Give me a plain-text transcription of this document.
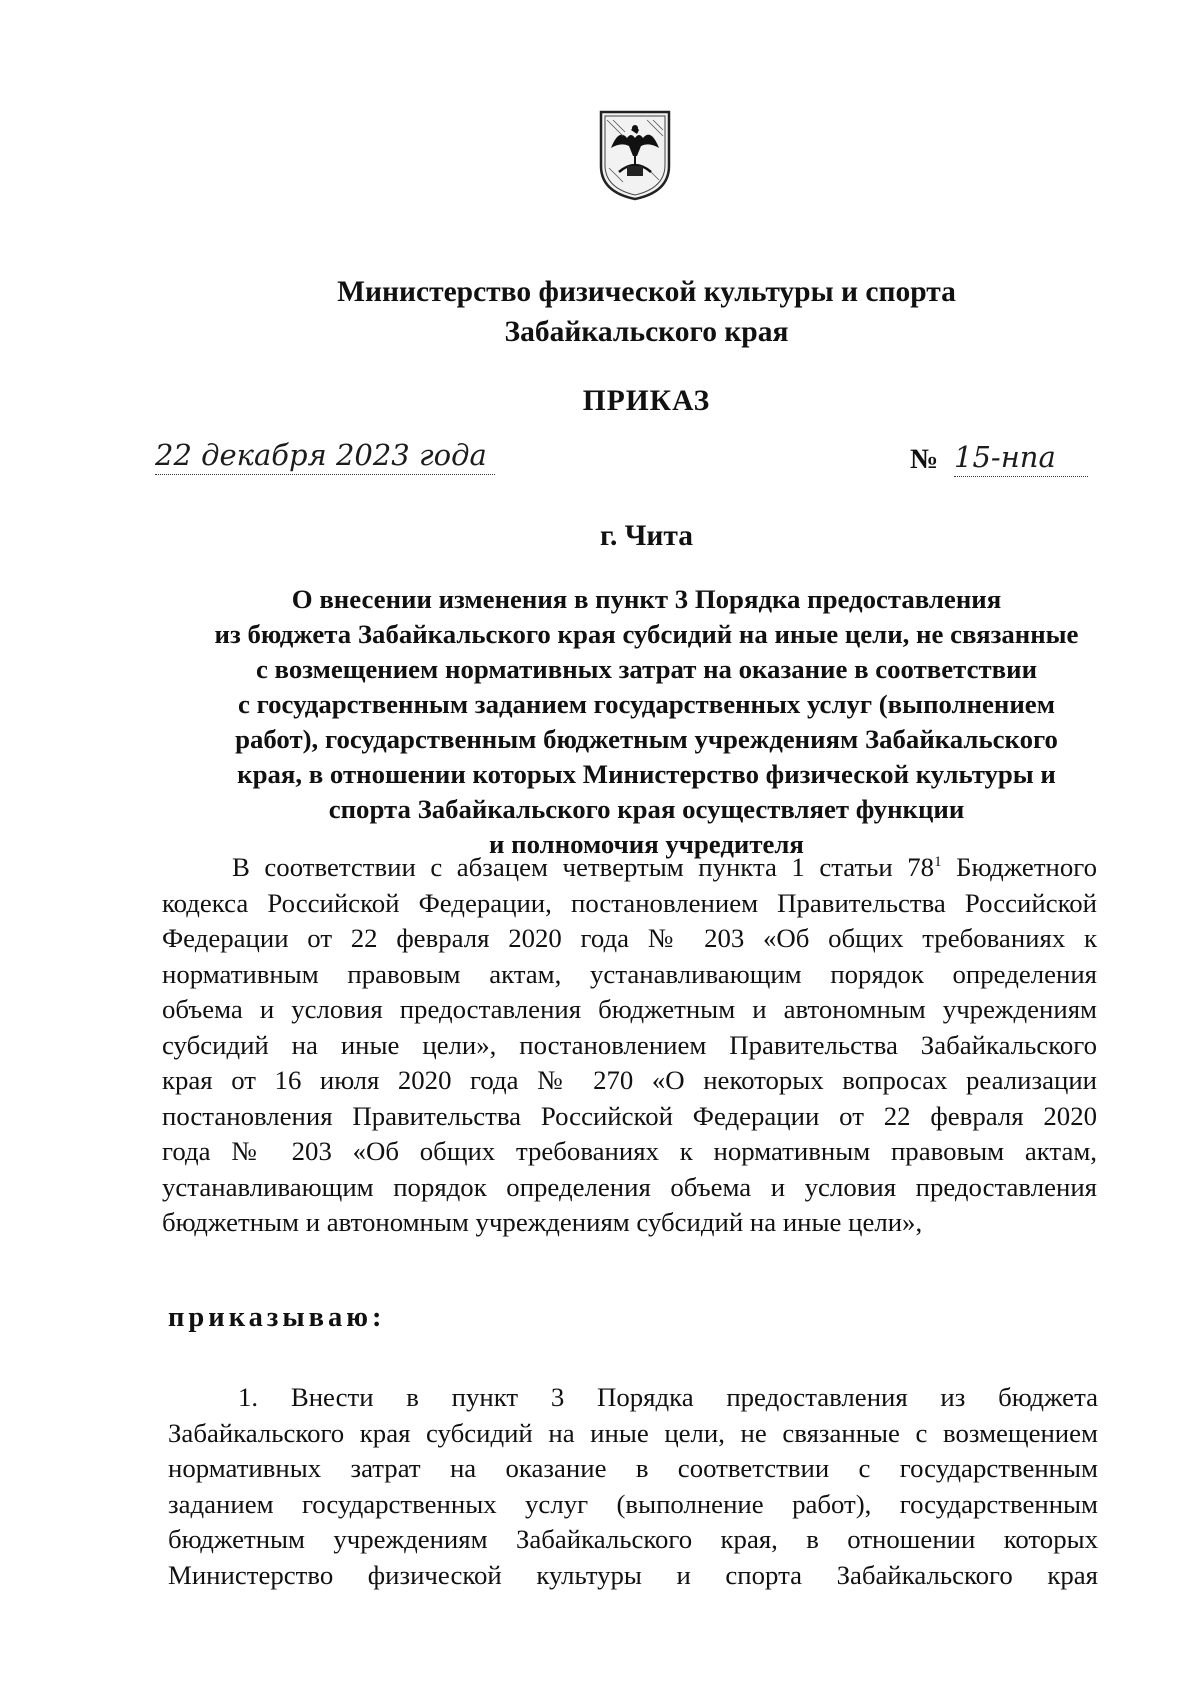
Министерство физической культуры и спорта
Забайкальского края
ПРИКАЗ
22 декабря 2023 года	№ 15-нпа
г. Чита
О внесении изменения в пункт 3 Порядка предоставления
из бюджета Забайкальского края субсидий на иные цели, не связанные
с возмещением нормативных затрат на оказание в соответствии
с государственным заданием государственных услуг (выполнением
работ), государственным бюджетным учреждениям Забайкальского
края, в отношении которых Министерство физической культуры и
спорта Забайкальского края осуществляет функции
и полномочия учредителя
В соответствии с абзацем четвертым пункта 1 статьи $78^1$ Бюджетного
кодекса Российской Федерации, постановлением Правительства Российской
Федерации от 22 февраля 2020 года № 203 «Об общих требованиях к
нормативным правовым актам, устанавливающим порядок определения
объема и условия предоставления бюджетным и автономным учреждениям
субсидий на иные цели», постановлением Правительства Забайкальского
края от 16 июля 2020 года № 270 «О некоторых вопросах реализации
постановления Правительства Российской Федерации от 22 февраля 2020
года № 203 «Об общих требованиях к нормативным правовым актам,
устанавливающим порядок определения объема и условия предоставления
бюджетным и автономным учреждениям субсидий на иные цели»,
приказываю:
1. Внести в пункт 3 Порядка предоставления из бюджета
Забайкальского края субсидий на иные цели, не связанные с возмещением
нормативных затрат на оказание в соответствии с государственным
заданием государственных услуг (выполнение работ), государственным
бюджетным учреждениям Забайкальского края, в отношении которых
Министерство физической культуры и спорта Забайкальского края
